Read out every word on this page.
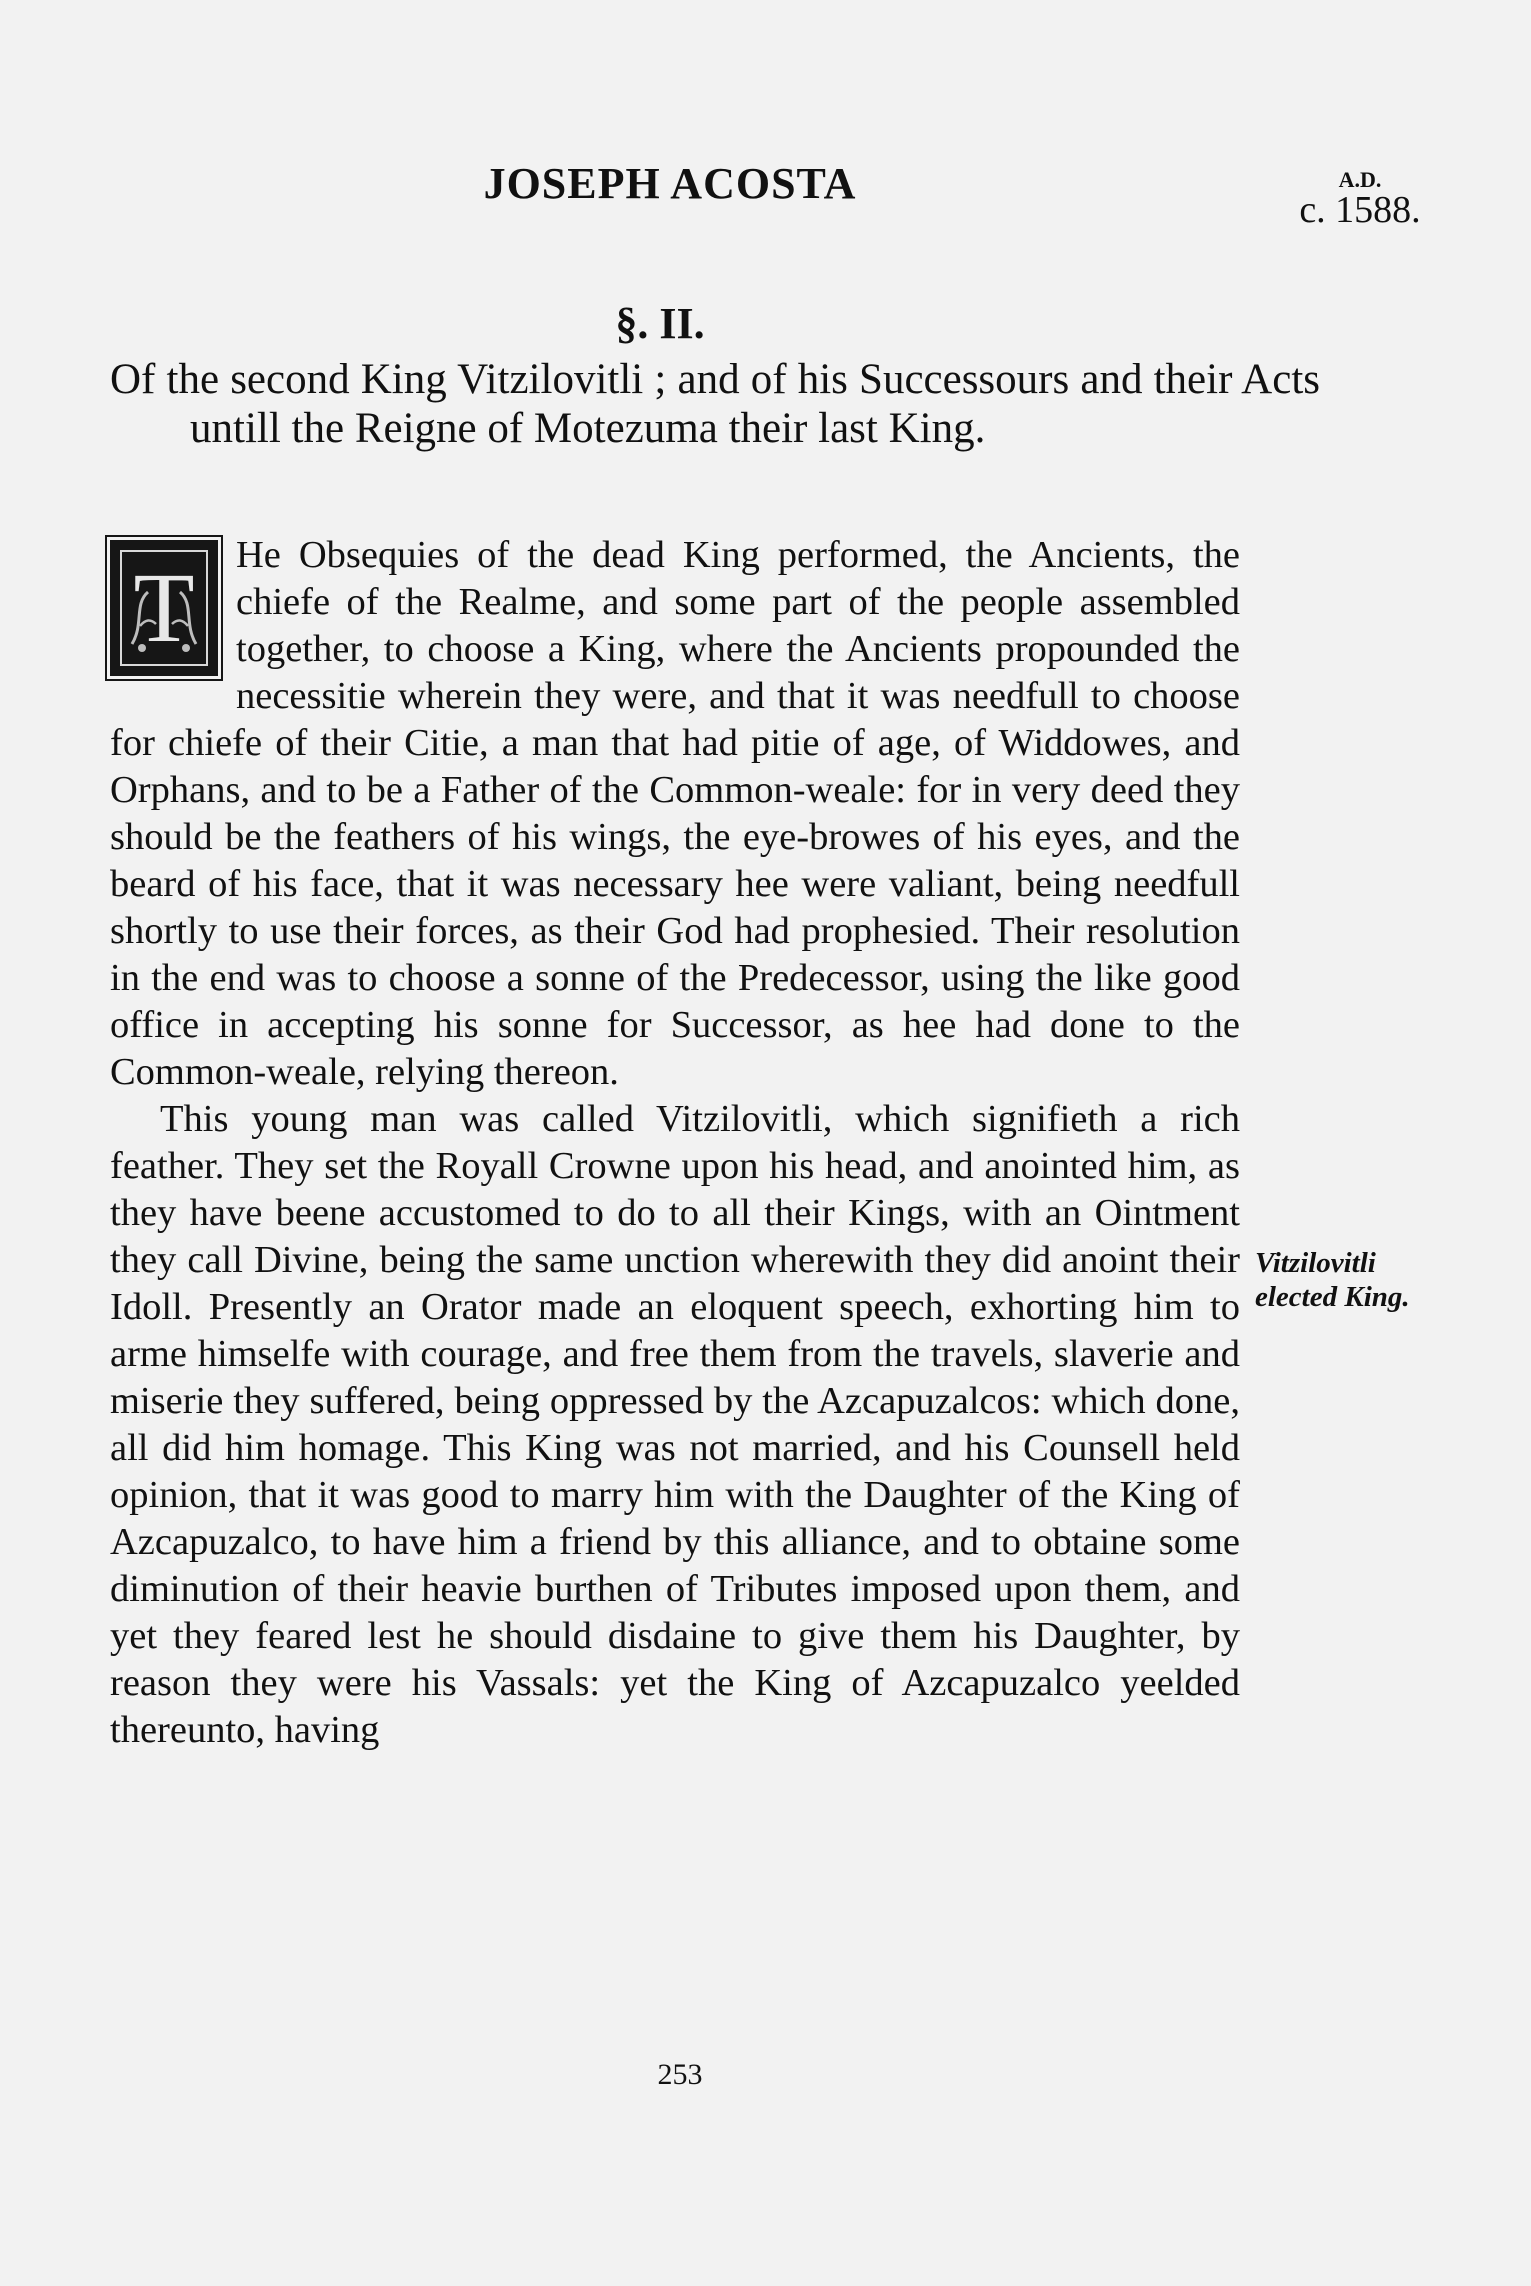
JOSEPH ACOSTA	A.D.
c. 1588.
§. II.
Of the second King Vitzilovitli ; and of his Successours and their Acts untill the Reigne of Motezuma their last King.
T	He Obsequies of the dead King performed, the Ancients, the chiefe of the Realme, and some part of the people assembled together, to choose a King, where the Ancients propounded the necessitie wherein they were, and that it was needfull to choose for chiefe of their Citie, a man that had pitie of age, of Widdowes, and Orphans, and to be a Father of the Common-weale: for in very deed they should be the feathers of his wings, the eye-browes of his eyes, and the beard of his face, that it was necessary hee were valiant, being needfull shortly to use their forces, as their God had prophesied. Their resolution in the end was to choose a sonne of the Predecessor, using the like good office in accepting his sonne for Successor, as hee had done to the Common-weale, relying thereon.

This young man was called Vitzilovitli, which signifieth a rich feather. They set the Royall Crowne upon his head, and anointed him, as they have beene accustomed to do to all their Kings, with an Ointment they call Divine, being the same unction wherewith they did anoint their Idoll. Presently an Orator made an eloquent speech, exhorting him to arme himselfe with courage, and free them from the travels, slaverie and miserie they suffered, being oppressed by the Azcapuzalcos: which done, all did him homage. This King was not married, and his Counsell held opinion, that it was good to marry him with the Daughter of the King of Azcapuzalco, to have him a friend by this alliance, and to obtaine some diminution of their heavie burthen of Tributes imposed upon them, and yet they feared lest he should disdaine to give them his Daughter, by reason they were his Vassals: yet the King of Azcapuzalco yeelded thereunto, having

Vitzilovitli
elected King.
253
